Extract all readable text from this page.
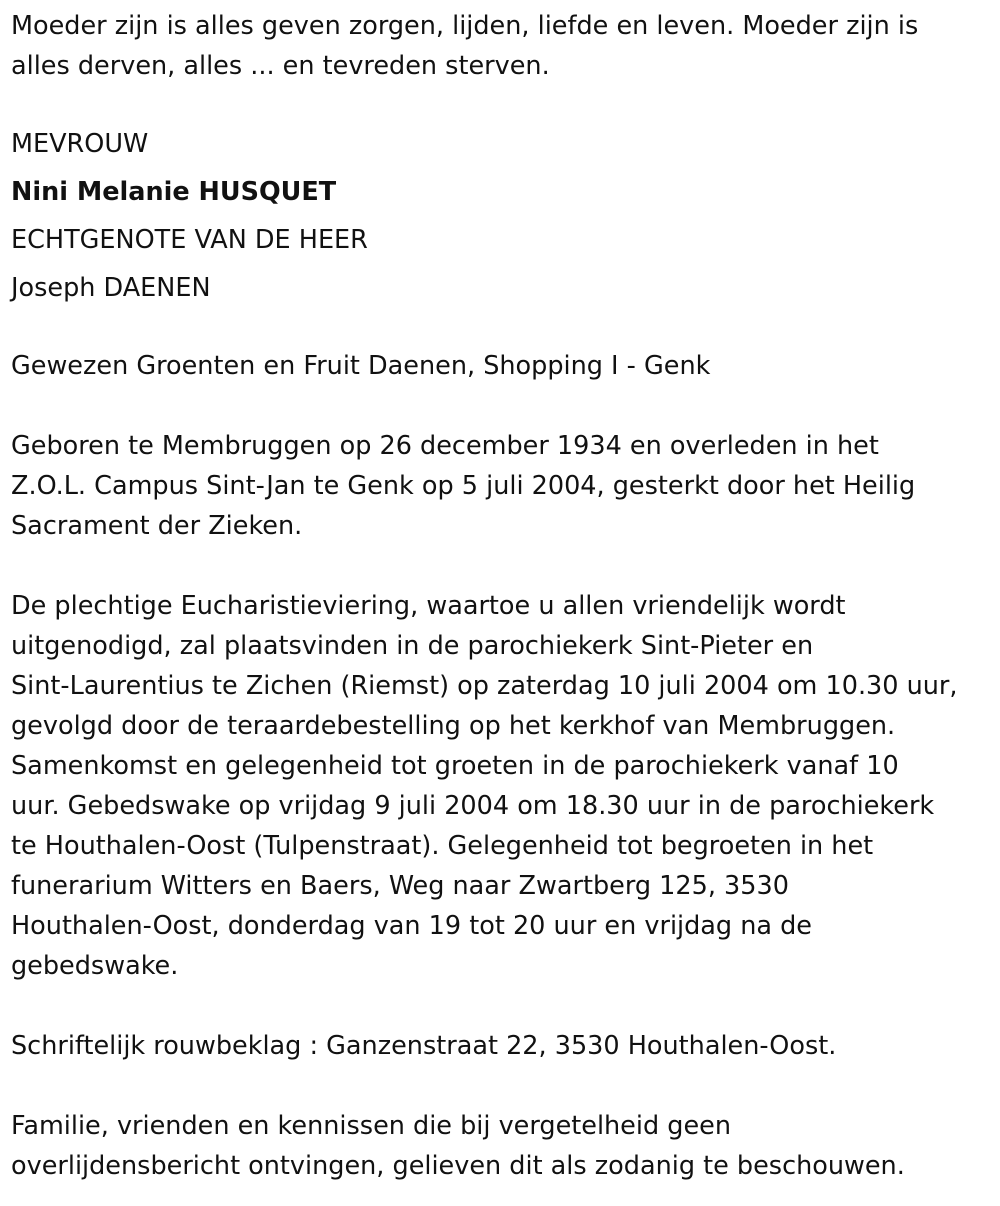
Moeder zijn is alles geven zorgen, lijden, liefde en leven. Moeder zijn is
alles derven, alles ... en tevreden sterven.
MEVROUW
Nini Melanie HUSQUET
ECHTGENOTE VAN DE HEER
Joseph DAENEN
Gewezen Groenten en Fruit Daenen, Shopping I - Genk
Geboren te Membruggen op 26 december 1934 en overleden in het
Z.O.L. Campus Sint-Jan te Genk op 5 juli 2004, gesterkt door het Heilig
Sacrament der Zieken.
De plechtige Eucharistieviering, waartoe u allen vriendelijk wordt
uitgenodigd, zal plaatsvinden in de parochiekerk Sint-Pieter en
Sint-Laurentius te Zichen (Riemst) op zaterdag 10 juli 2004 om 10.30 uur,
gevolgd door de teraardebestelling op het kerkhof van Membruggen.
Samenkomst en gelegenheid tot groeten in de parochiekerk vanaf 10
uur. Gebedswake op vrijdag 9 juli 2004 om 18.30 uur in de parochiekerk
te Houthalen-Oost (Tulpenstraat). Gelegenheid tot begroeten in het
funerarium Witters en Baers, Weg naar Zwartberg 125, 3530
Houthalen-Oost, donderdag van 19 tot 20 uur en vrijdag na de
gebedswake.
Schriftelijk rouwbeklag : Ganzenstraat 22, 3530 Houthalen-Oost.
Familie, vrienden en kennissen die bij vergetelheid geen
overlijdensbericht ontvingen, gelieven dit als zodanig te beschouwen.
